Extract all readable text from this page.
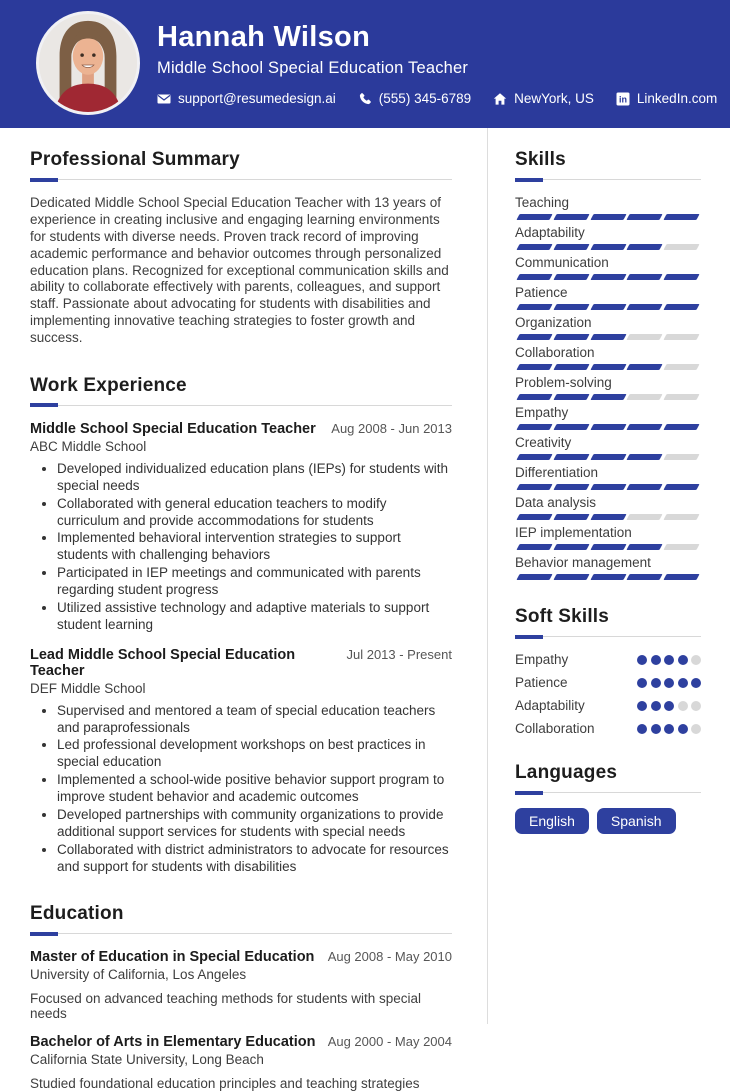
Hannah Wilson
Middle School Special Education Teacher
support@resumedesign.ai	(555) 345-6789	NewYork, US	in LinkedIn.com
Professional Summary

Dedicated Middle School Special Education Teacher with 13 years of experience in creating inclusive and engaging learning environments for students with diverse needs. Proven track record of improving academic performance and behavior outcomes through personalized education plans. Recognized for exceptional communication skills and ability to collaborate effectively with parents, colleagues, and support staff. Passionate about advocating for students with disabilities and implementing innovative teaching strategies to foster growth and success.

Work Experience
Middle School Special Education Teacher Aug 2008 - Jun 2013
ABC Middle School
• Developed individualized education plans (IEPs) for students with special needs
• Collaborated with general education teachers to modify curriculum and provide accommodations for students
• Implemented behavioral intervention strategies to support students with challenging behaviors
• Participated in IEP meetings and communicated with parents regarding student progress
• Utilized assistive technology and adaptive materials to support student learning
Lead Middle School Special Education Teacher
Jul 2013 - Present
DEF Middle School
• Supervised and mentored a team of special education teachers and paraprofessionals
• Led professional development workshops on best practices in special education
• Implemented a school-wide positive behavior support program to improve student behavior and academic outcomes
• Developed partnerships with community organizations to provide additional support services for students with special needs
• Collaborated with district administrators to advocate for resources and support for students with disabilities
Education
Master of Education in Special Education Aug 2008 - May 2010
University of California, Los Angeles

Focused on advanced teaching methods for students with special needs

Bachelor of Arts in Elementary Education Aug 2000 - May 2004
California State University, Long Beach

Studied foundational education principles and teaching strategies

Skills
Teaching
Adaptability
Communication
Patience
Organization
Collaboration
Problem-solving
Empathy
Creativity
Differentiation
Data analysis
IEP implementation
Behavior management
Soft Skills
Empathy
Patience
Adaptability
Collaboration
Languages
English	Spanish
